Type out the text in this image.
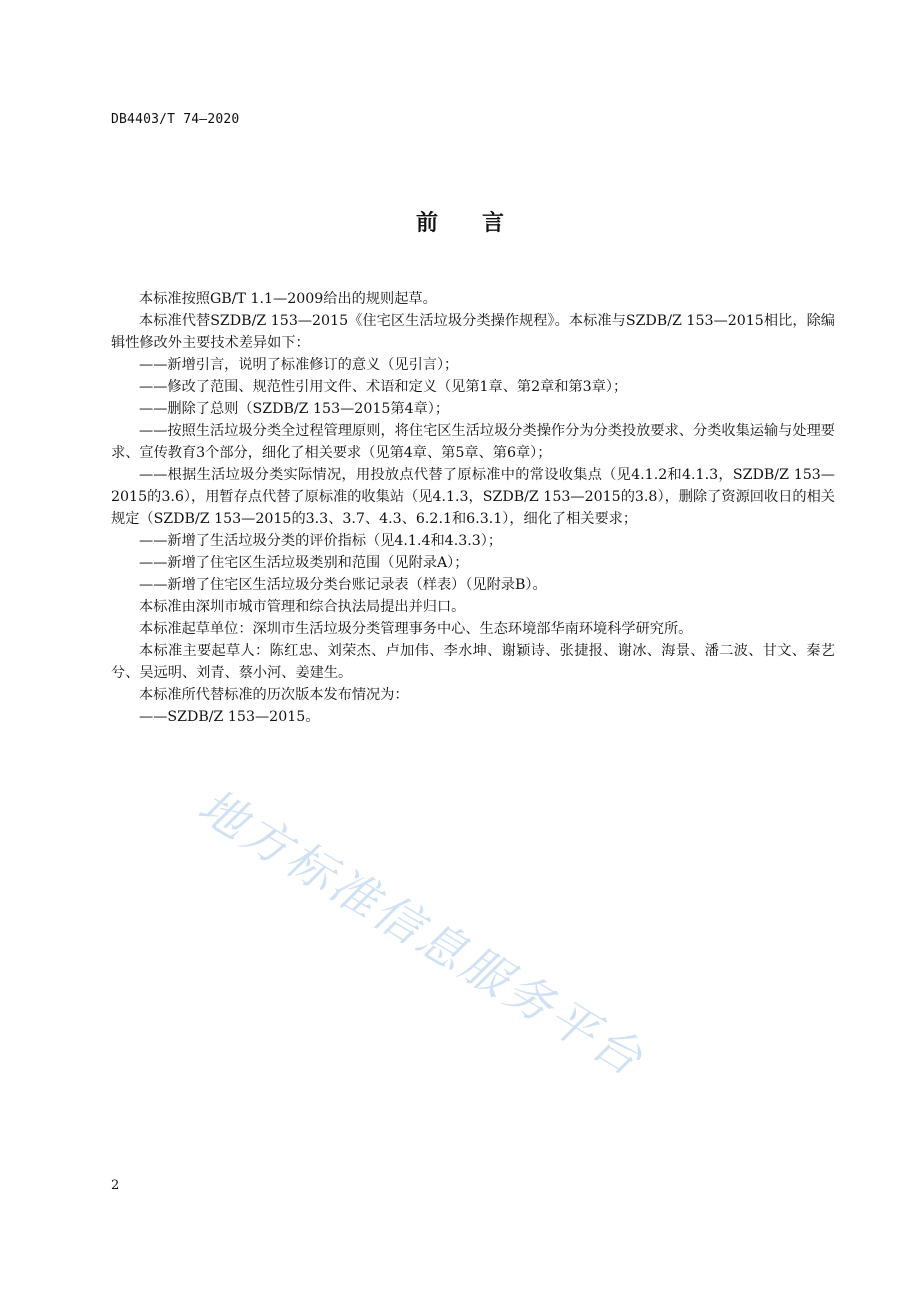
DB4403/T 74—2020
前言

本标准按照GB/T 1.1—2009给出的规则起草。

本标准代替SZDB/Z 153—2015《住宅区生活垃圾分类操作规程》。本标准与SZDB/Z 153—2015相比，除编辑性修改外主要技术差异如下：

——新增引言，说明了标准修订的意义（见引言）；

——修改了范围、规范性引用文件、术语和定义（见第1章、第2章和第3章）；

——删除了总则（SZDB/Z 153—2015第4章）；

——按照生活垃圾分类全过程管理原则，将住宅区生活垃圾分类操作分为分类投放要求、分类收集运输与处理要求、宣传教育3个部分，细化了相关要求（见第4章、第5章、第6章）；

——根据生活垃圾分类实际情况，用投放点代替了原标准中的常设收集点（见4.1.2和4.1.3，SZDB/Z 153—2015的3.6），用暂存点代替了原标准的收集站（见4.1.3，SZDB/Z 153—2015的3.8），删除了资源回收日的相关规定（SZDB/Z 153—2015的3.3、3.7、4.3、6.2.1和6.3.1），细化了相关要求；

——新增了生活垃圾分类的评价指标（见4.1.4和4.3.3）；

——新增了住宅区生活垃圾类别和范围（见附录A）；

——新增了住宅区生活垃圾分类台账记录表（样表）（见附录B）。

本标准由深圳市城市管理和综合执法局提出并归口。

本标准起草单位：深圳市生活垃圾分类管理事务中心、生态环境部华南环境科学研究所。

本标准主要起草人：陈红忠、刘荣杰、卢加伟、李水坤、谢颖诗、张捷报、谢冰、海景、潘二波、甘文、秦艺兮、吴远明、刘青、蔡小河、姜建生。

本标准所代替标准的历次版本发布情况为：

——SZDB/Z 153—2015。

地方标准信息服务平台
2
